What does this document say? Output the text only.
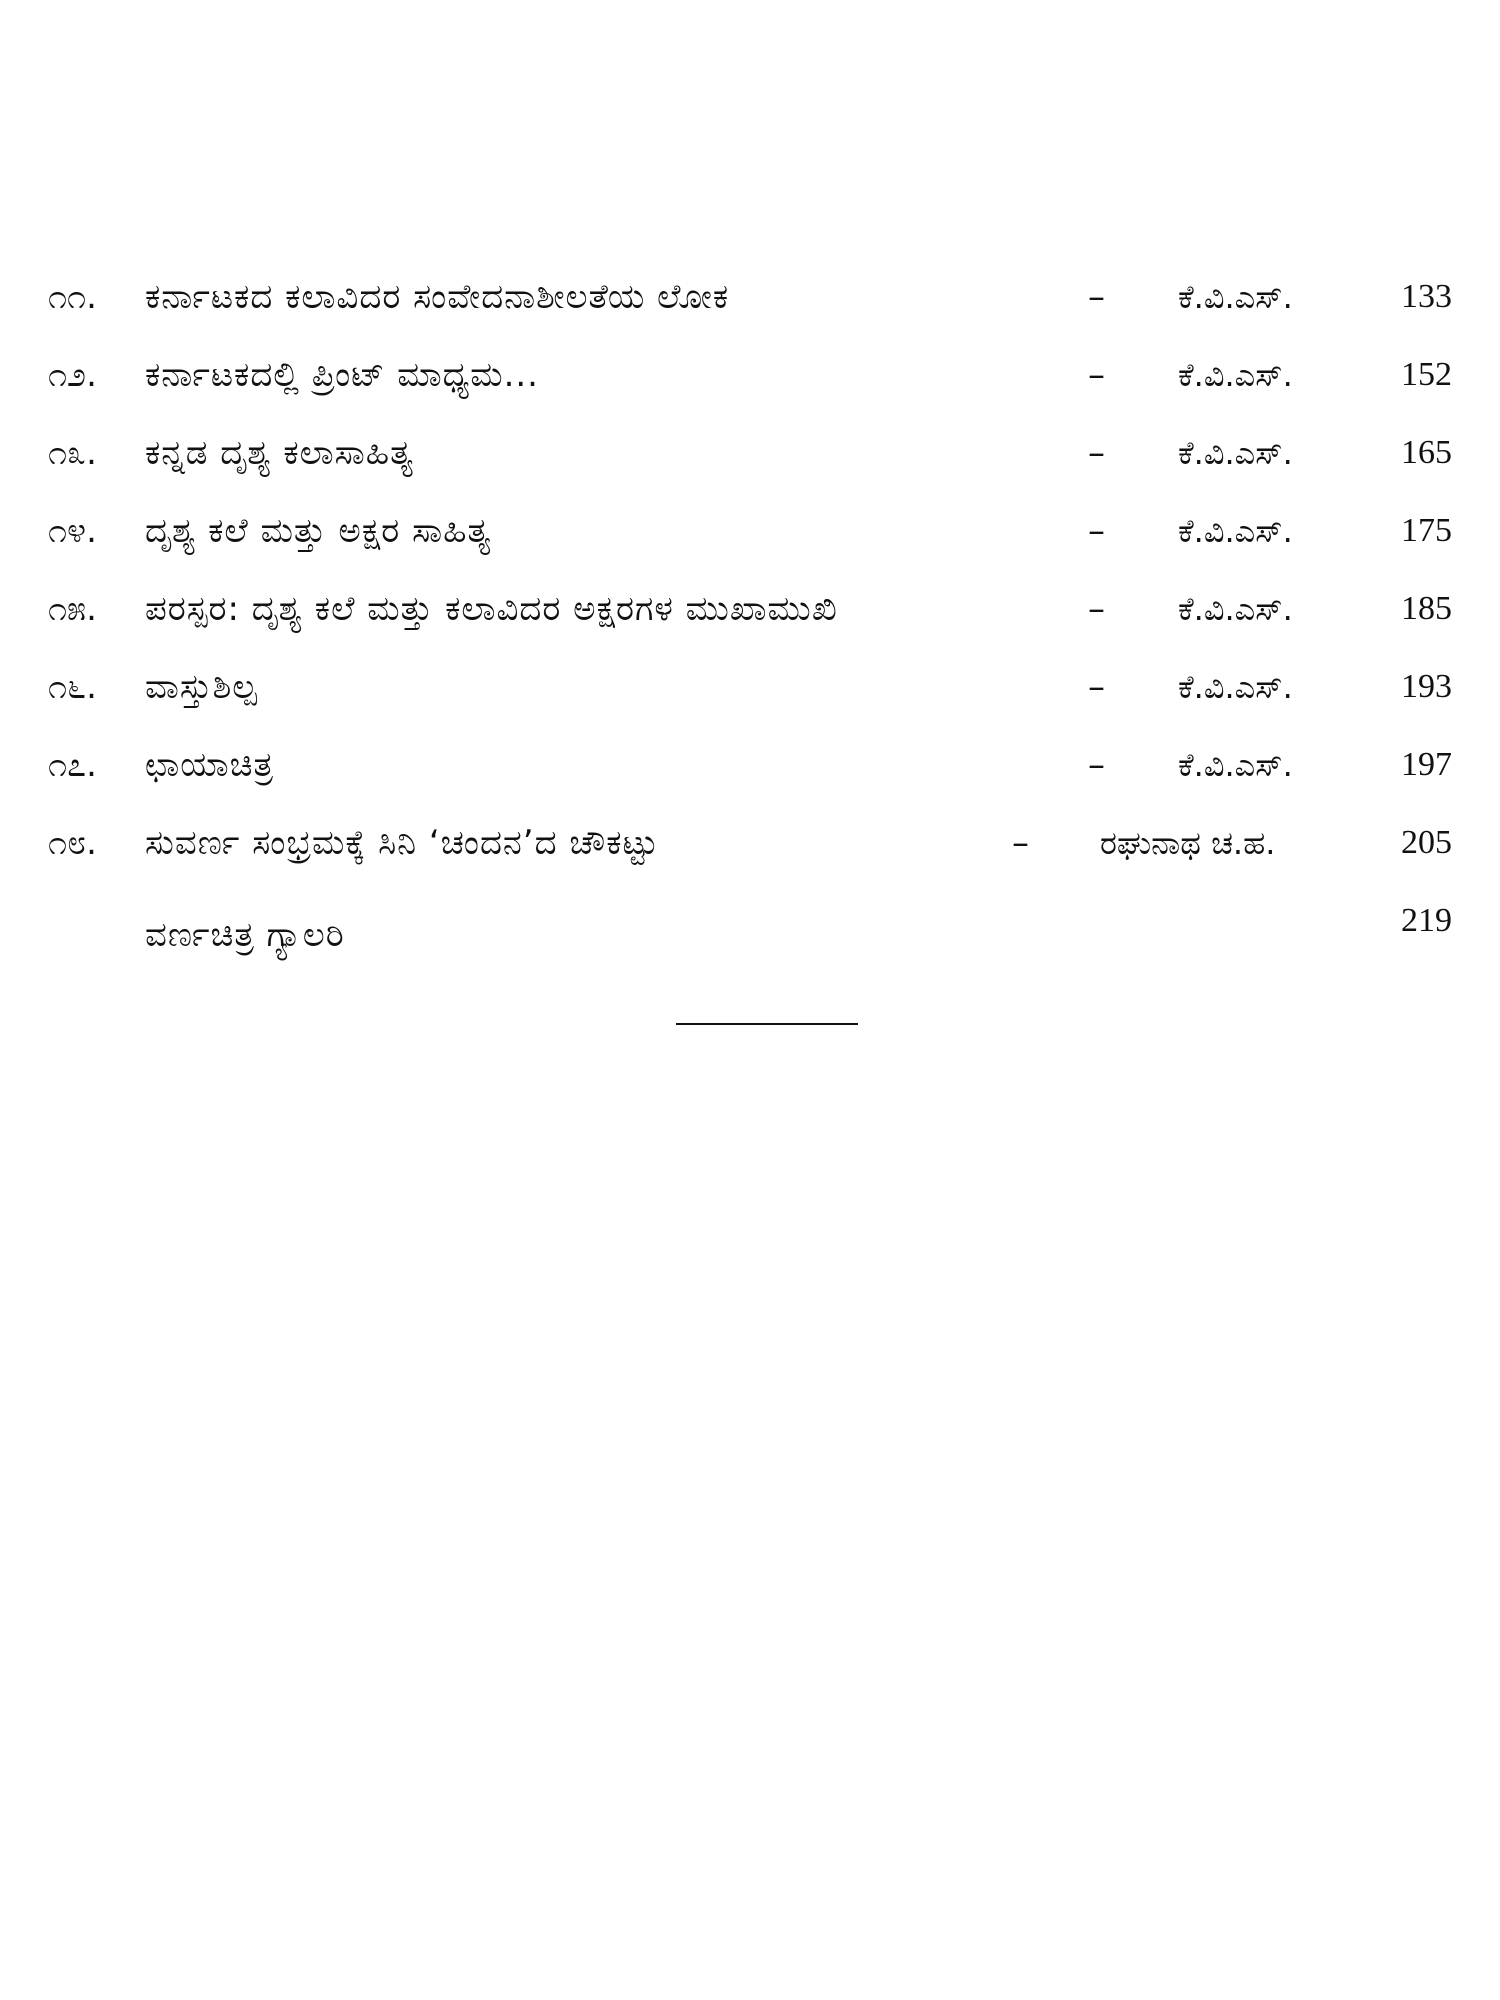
೧೧. ಕರ್ನಾಟಕದ ಕಲಾವಿದರ ಸಂವೇದನಾಶೀಲತೆಯ ಲೋಕ	– ಕೆ.ವಿ.ಎಸ್.	133
೧೨. ಕರ್ನಾಟಕದಲ್ಲಿ ಪ್ರಿಂಟ್ ಮಾಧ್ಯಮ...	– ಕೆ.ವಿ.ಎಸ್.	152
೧೩. ಕನ್ನಡ ದೃಶ್ಯ ಕಲಾಸಾಹಿತ್ಯ	– ಕೆ.ವಿ.ಎಸ್.	165
೧೪. ದೃಶ್ಯ ಕಲೆ ಮತ್ತು ಅಕ್ಷರ ಸಾಹಿತ್ಯ	– ಕೆ.ವಿ.ಎಸ್.	175
೧೫. ಪರಸ್ಪರ: ದೃಶ್ಯ ಕಲೆ ಮತ್ತು ಕಲಾವಿದರ ಅಕ್ಷರಗಳ ಮುಖಾಮುಖಿ	– ಕೆ.ವಿ.ಎಸ್.	185
೧೬. ವಾಸ್ತುಶಿಲ್ಪ	– ಕೆ.ವಿ.ಎಸ್.	193
೧೭. ಛಾಯಾಚಿತ್ರ	– ಕೆ.ವಿ.ಎಸ್.	197
೧೮. ಸುವರ್ಣ ಸಂಭ್ರಮಕ್ಕೆ ಸಿನಿ ‘ಚಂದನ’ದ ಚೌಕಟ್ಟು	– ರಘುನಾಥ ಚ.ಹ.	205
ವರ್ಣಚಿತ್ರ ಗ್ಯಾಲರಿ	219
